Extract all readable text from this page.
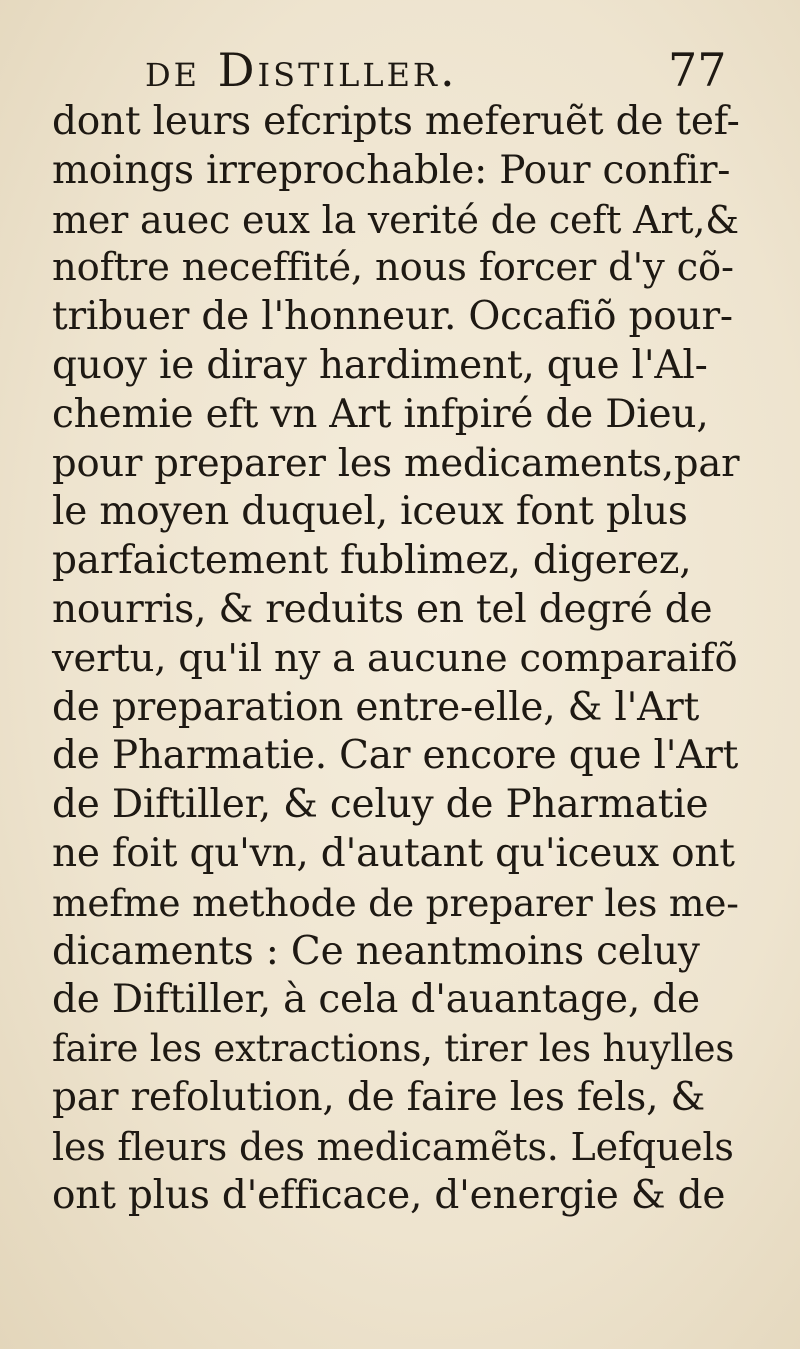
de Distiller.	77
dont leurs efcripts meferuẽt de tef-
moings irreprochable: Pour confir-
mer auec eux la verité de ceft Art,&
noftre neceffité, nous forcer d'y cõ-
tribuer de l'honneur. Occafiõ pour-
quoy ie diray hardiment, que l'Al-
chemie eft vn Art infpiré de Dieu,
pour preparer les medicaments,par
le moyen duquel, iceux font plus
parfaictement fublimez, digerez,
nourris, & reduits en tel degré de
vertu, qu'il ny a aucune comparaifõ
de preparation entre-elle, & l'Art
de Pharmatie. Car encore que l'Art
de Diftiller, & celuy de Pharmatie
ne foit qu'vn, d'autant qu'iceux ont
mefme methode de preparer les me-
dicaments : Ce neantmoins celuy
de Diftiller, à cela d'auantage, de
faire les extractions, tirer les huylles
par refolution, de faire les fels, &
les fleurs des medicamẽts. Lefquels
ont plus d'efficace, d'energie & de
